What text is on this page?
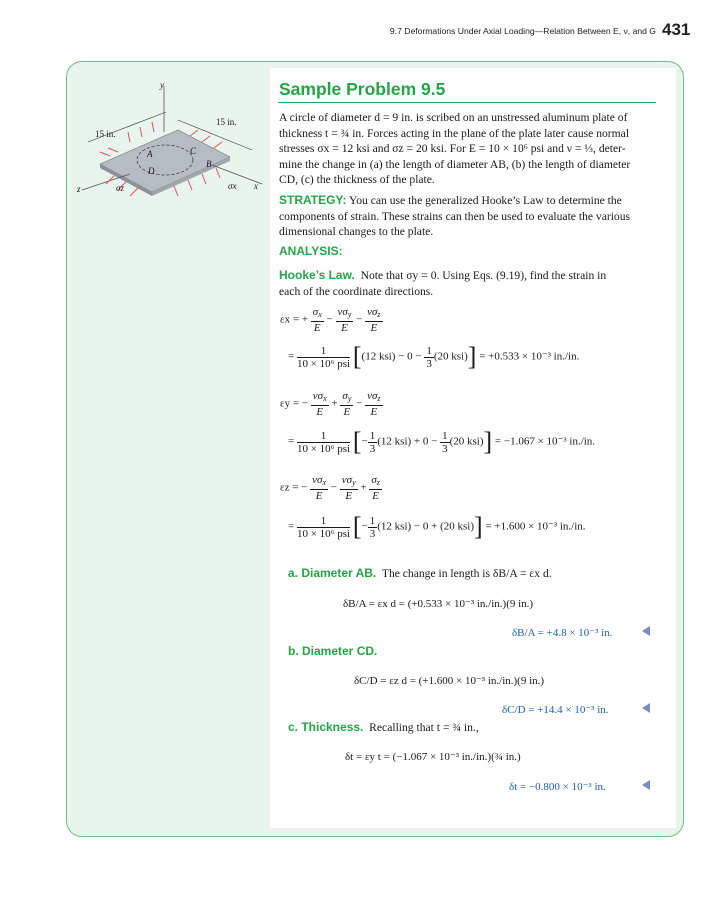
9.7 Deformations Under Axial Loading—Relation Between E, ν, and G 431
y
x
z
15 in.
15 in.
A	C
B
D
σx
σz
Sample Problem 9.5
A circle of diameter d = 9 in. is scribed on an unstressed aluminum plate of
thickness t = ¾ in. Forces acting in the plane of the plate later cause normal
stresses σx = 12 ksi and σz = 20 ksi. For E = 10 × 10⁶ psi and ν = ⅓, deter-
mine the change in (a) the length of diameter AB, (b) the length of diameter
CD, (c) the thickness of the plate.
STRATEGY: You can use the generalized Hooke’s Law to determine the
components of strain. These strains can then be used to evaluate the various
dimensional changes to the plate.
ANALYSIS:
Hooke’s Law. Note that σy = 0. Using Eqs. (9.19), find the strain in
each of the coordinate directions.
εx = + $\frac{\sigma_x}{E} - \frac{\nu\sigma_y}{E} - \frac{\nu\sigma_z}{E}$
= $\frac{1}{\text{10 × 10⁶ psi}} [(12$ $ksi) - 0 - \frac{1}{3} (20$ ksi)] = +0.533 × 10⁻³ in./in.
εy = − $\frac{\nu\sigma_x}{E} + \frac{\sigma_y}{E} - \frac{\nu\sigma_z}{E}$
= $\frac{1}{\text{10 × 10⁶ psi}}$ [− $\frac{1}{3} (12$ $ksi) + 0 - \frac{1}{3} (20$ ksi)] = −1.067 × 10⁻³ in./in.
εz = − $\frac{\nu\sigma_x}{E} - \frac{\nu\sigma_y}{E} + \frac{\sigma_z}{E}$
= $\frac{1}{\text{10 × 10⁶ psi}}$ [− $\frac{1}{3} (12$ ksi) − 0 + (20 ksi)] = +1.600 × 10⁻³ in./in.
a. Diameter AB. The change in length is δB/A = εx d.
δB/A = εx d = (+0.533 × 10⁻³ in./in.)(9 in.)
δB/A = +4.8 × 10⁻³ in.
b. Diameter CD.
δC/D = εz d = (+1.600 × 10⁻³ in./in.)(9 in.)
δC/D = +14.4 × 10⁻³ in.
c. Thickness. Recalling that t = ¾ in.,
δt = εy t = (−1.067 × 10⁻³ in./in.)(¾ in.)
δt = −0.800 × 10⁻³ in.
